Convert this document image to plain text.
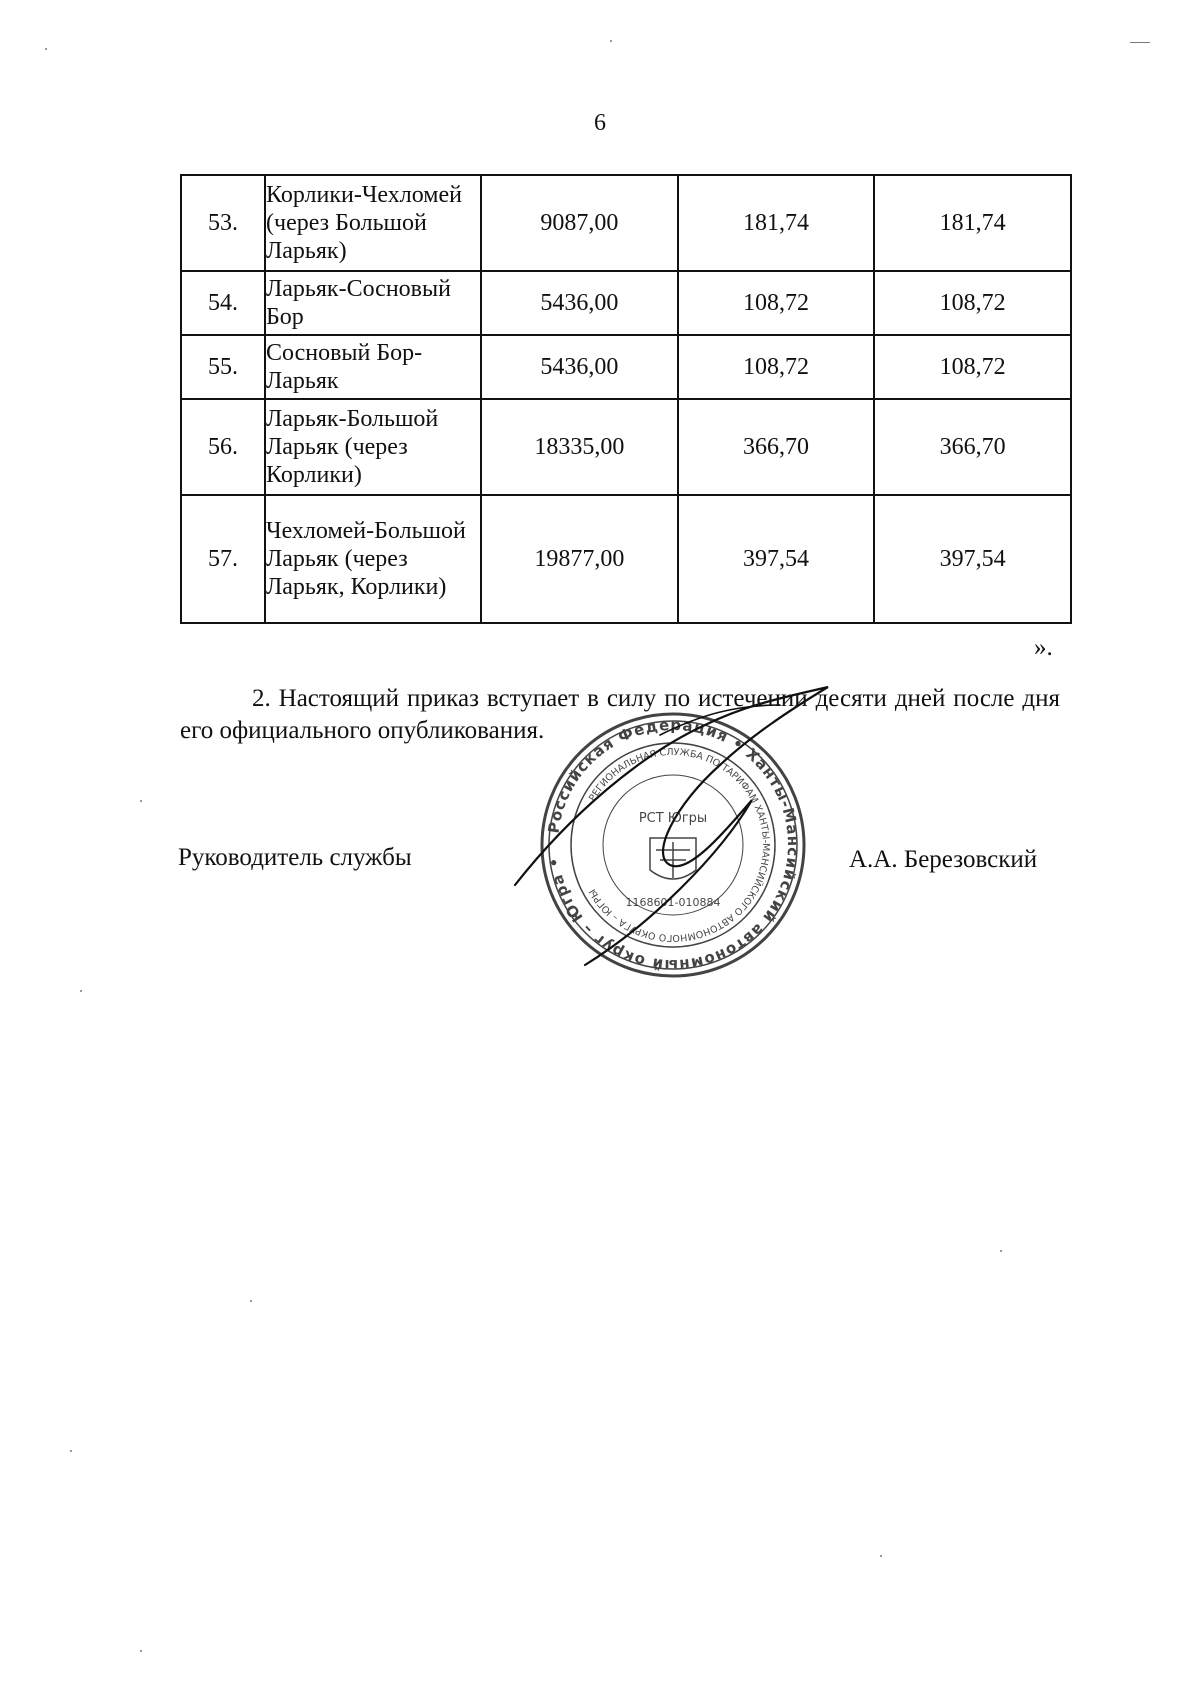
6
53.	Корлики-Чехломей (через Большой Ларьяк)	9087,00	181,74	181,74
54.	Ларьяк-Сосновый Бор	5436,00	108,72	108,72
55.	Сосновый Бор-Ларьяк	5436,00	108,72	108,72
56.	Ларьяк-Большой Ларьяк (через Корлики)	18335,00	366,70	366,70
57.	Чехломей-Большой Ларьяк (через Ларьяк, Корлики)	19877,00	397,54	397,54
».
2. Настоящий приказ вступает в силу по истечении десяти дней после дня его официального опубликования.
Руководитель службы	А.А. Березовский
Российская Федерация • Ханты-Мансийский автономный округ – Югра •
РЕГИОНАЛЬНАЯ СЛУЖБА ПО ТАРИФАМ ХАНТЫ-МАНСИЙСКОГО АВТОНОМНОГО ОКРУГА – ЮГРЫ
РСТ Югры
1168601-010884
